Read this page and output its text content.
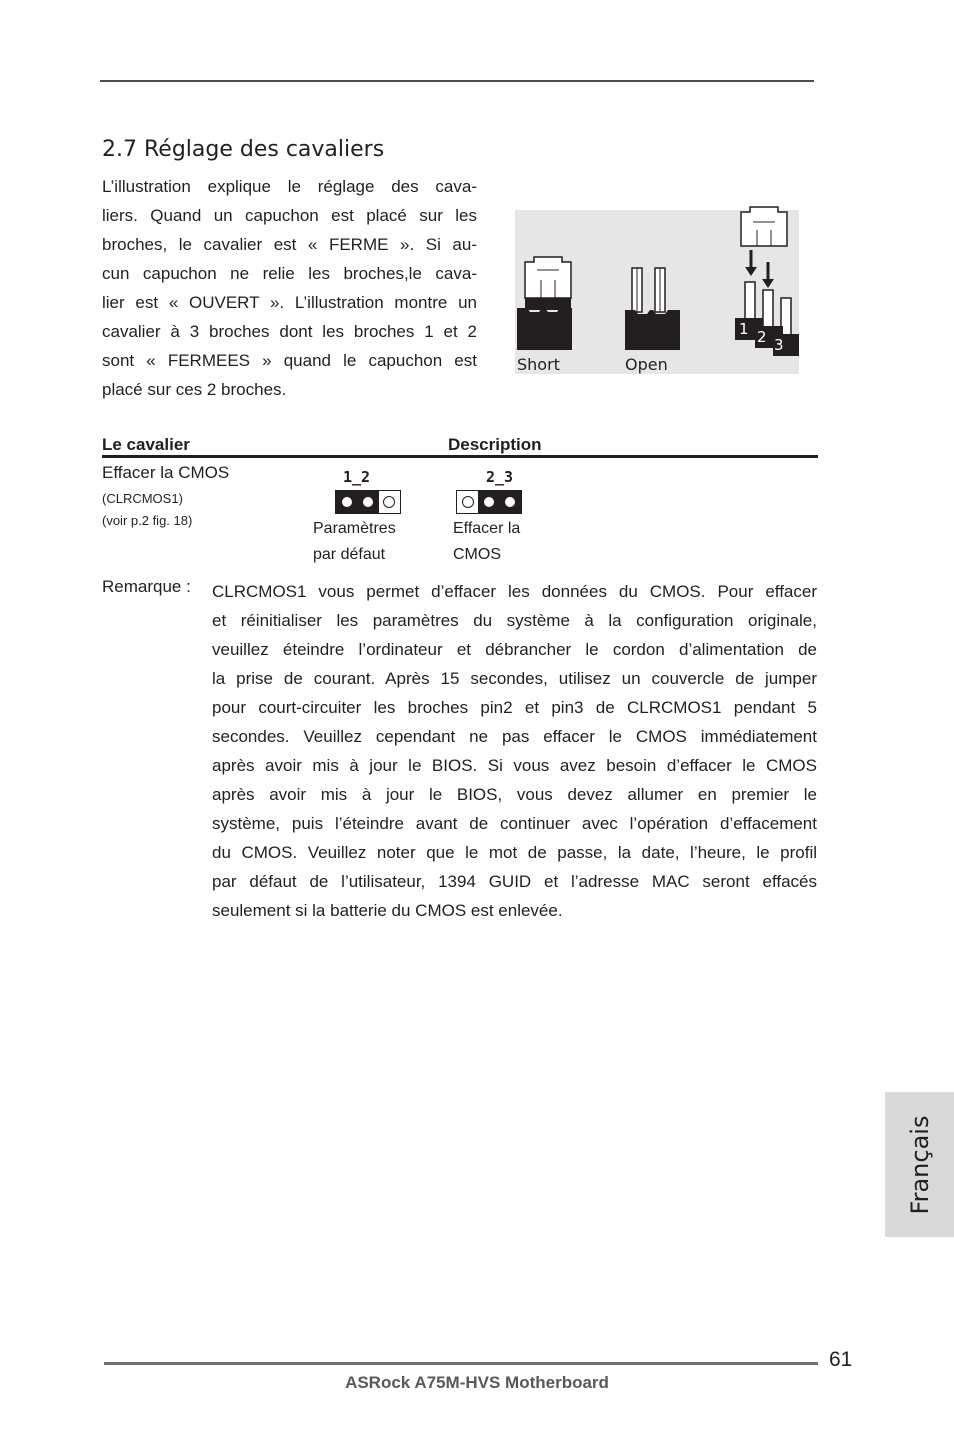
2.7 Réglage des cavaliers
L’illustration explique le réglage des cava-
liers. Quand un capuchon est placé sur les
broches, le cavalier est « FERME ». Si au-
cun capuchon ne relie les broches,le cava-
lier est « OUVERT ». L’illustration montre un
cavalier à 3 broches dont les broches 1 et 2
sont « FERMEES » quand le capuchon est
placé sur ces 2 broches.
1 2 3
Short	Open
Le cavalier	Description
Effacer la CMOS
(CLRCMOS1)
(voir p.2 fig. 18)
1_2
Paramètres
par défaut
2_3
Effacer la
CMOS
Remarque : CLRCMOS1 vous permet d’effacer les données du CMOS. Pour effacer
et réinitialiser les paramètres du système à la configuration originale,
veuillez éteindre l’ordinateur et débrancher le cordon d’alimentation de
la prise de courant. Après 15 secondes, utilisez un couvercle de jumper
pour court-circuiter les broches pin2 et pin3 de CLRCMOS1 pendant 5
secondes. Veuillez cependant ne pas effacer le CMOS immédiatement
après avoir mis à jour le BIOS. Si vous avez besoin d’effacer le CMOS
après avoir mis à jour le BIOS, vous devez allumer en premier le
système, puis l’éteindre avant de continuer avec l’opération d’effacement
du CMOS. Veuillez noter que le mot de passe, la date, l’heure, le profil
par défaut de l’utilisateur, 1394 GUID et l’adresse MAC seront effacés
seulement si la batterie du CMOS est enlevée.
Français
61
ASRock A75M-HVS Motherboard
